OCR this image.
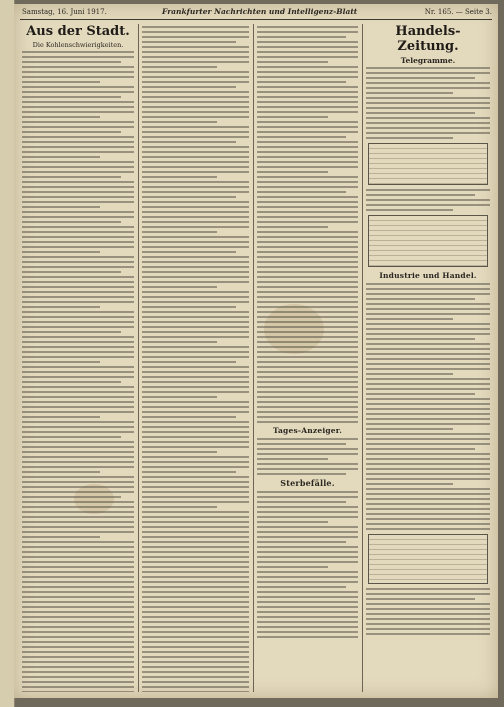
Samstag, 16. Juni 1917.	Frankfurter Nachrichten und Intelligenz-Blatt	Nr. 165. — Seite 3.
Aus der Stadt.
Die Kohlenschwierigkeiten.
Tages-Anzeiger.
Sterbefälle.
Handels-Zeitung.
Telegramme.
Industrie und Handel.
